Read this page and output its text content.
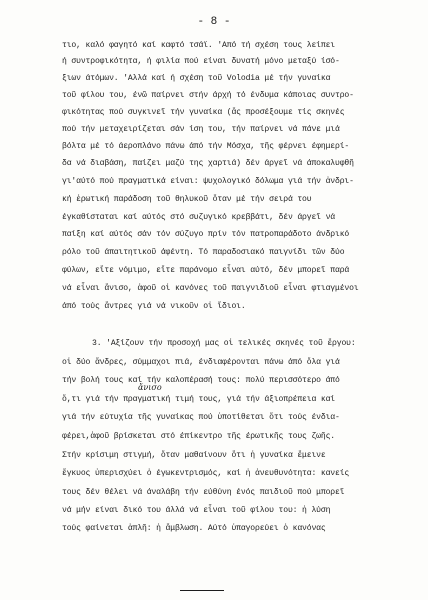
- 8 -
τιο, καλό φαγητό καί καφτό τσάϊ. 'Από τή σχέση τους λείπει
ή συντροφικότητα, ή φιλία πού είναι δυνατή μόνο μεταξύ ίσό-
ξιων άτόμων. 'Αλλά καί ή σχέση τοῦ Volodia μέ τήν γυναίκα
τοῦ φίλου του, ένῶ παίρνει στήν άρχή τό ένδυμα κάποιας συντρο-
φικότητας πού συγκινεῖ τήν γυναίκα (ἄς προσέξουμε τίς σκηνές
πού τήν μεταχειρίζεται σάν ίση του, τήν παίρνει νά πάνε μιά
βόλτα μέ τό άεροπλάνο πάνω άπό τήν Μόσχα, τῆς φέρνει έφημερί-
δα νά διαβάση, παίζει μαζύ της χαρτιά) δέν άργεῖ νά άποκαλυφθῆ
γι'αύτό πού πραγματικά είναι: ψυχολογικό δόλωμα γιά τήν ἀνδρι-
κή ἐρωτική παράδοση τοῦ θηλυκοῦ ὅταν μέ τήν σειρά του
έγκαθίσταται καί αύτός στό συζυγικό κρεββάτι, δέν άργεῖ νά
παίξη καί αύτός σάν τόν σύζυγο πρίν τόν πατροπαράδοτο άνδρικό
ρόλο τοῦ άπαιτητικοῦ άφέντη. Τό παραδοσιακό παιγνίδι τῶν δύο
φύλων, εἴτε νόμιμο, εἴτε παράνομο εἶναι αύτό, δέν μπορεῖ παρά
νά εἶναι ἄνισο, ἀφοῦ οἱ κανόνες τοῦ παιγνιδιοῦ εἶναι φτιαγμένοι
άπό τούς ἄντρες γιά νά νικοῦν οἱ ἴδιοι.
3. 'Αξίζουν τήν προσοχή μας οἱ τελικές σκηνές τοῦ ἔργου:
οἱ δύο ἄνδρες, σύμμαχοι πιά, ένδιαφέρονται πάνω άπό ὅλα γιά
τήν βολή τους καί τήν καλοπέρασή τους: πολύ περισσότερο άπό
ὅ,τι γιά τήν πραγματική τιμή τους, γιά τήν άξιοπρέπεια καί
γιά τήν εύτυχία τῆς γυναίκας πού ὑποτίθεται ὅτι τούς ένδια-
φέρει,ἀφοῦ βρίσκεται στό έπίκεντρο τῆς έρωτικῆς τους ζωῆς.
Στήν κρίσιμη στιγμή, ὅταν μαθαίνουν ὅτι ἡ γυναίκα ἔμεινε
ἔγκυος ὑπερισχύει ὁ έγωκεντρισμός, καί ἡ ἀνευθυνότητα: κανείς
τους δέν θέλει νά άναλάβη τήν εύθύνη ένός παιδιοῦ πού μπορεῖ
νά μήν είναι δικό του άλλά νά εἶναι τοῦ φίλου του: ἡ λύση
τούς φαίνεται ἁπλῆ: ἡ ἄμβλωση. Αύτό ὑπαγορεύει ὁ κανόνας
ἄνισο
